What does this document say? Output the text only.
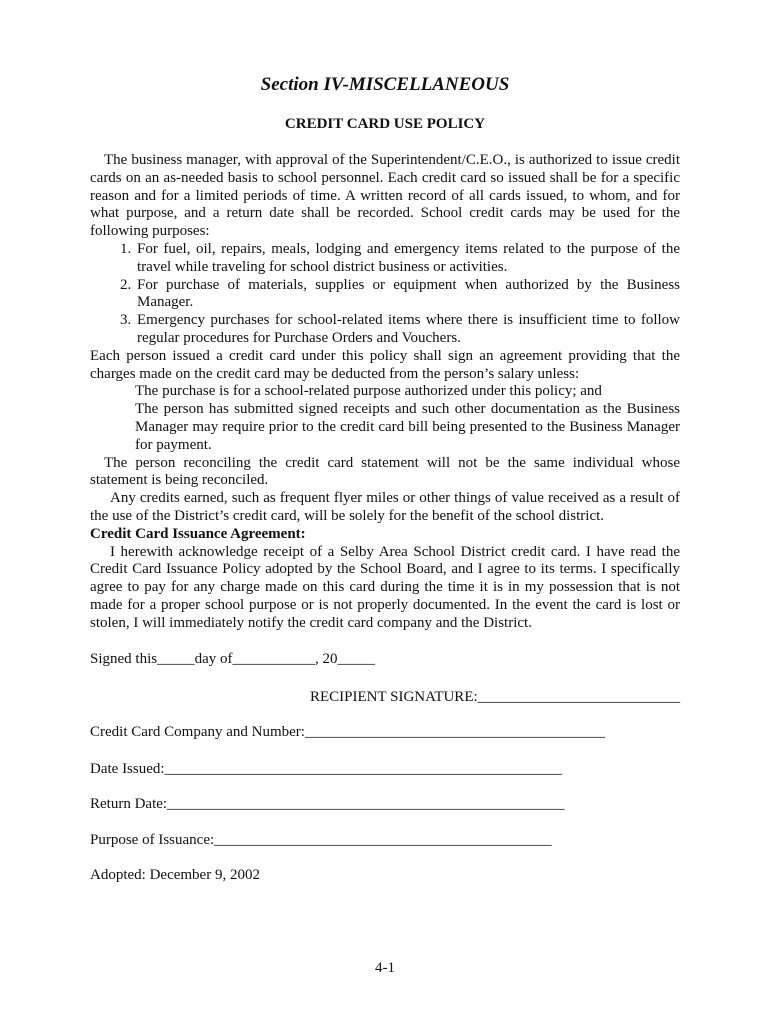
Section IV-MISCELLANEOUS
CREDIT CARD USE POLICY

The business manager, with approval of the Superintendent/C.E.O., is authorized to issue credit cards on an as-needed basis to school personnel. Each credit card so issued shall be for a specific reason and for a limited periods of time. A written record of all cards issued, to whom, and for what purpose, and a return date shall be recorded. School credit cards may be used for the following purposes:

1. For fuel, oil, repairs, meals, lodging and emergency items related to the purpose of the travel while traveling for school district business or activities.
2. For purchase of materials, supplies or equipment when authorized by the Business Manager.
3. Emergency purchases for school-related items where there is insufficient time to follow regular procedures for Purchase Orders and Vouchers.

Each person issued a credit card under this policy shall sign an agreement providing that the charges made on the credit card may be deducted from the person’s salary unless:

The purchase is for a school-related purpose authorized under this policy; and

The person has submitted signed receipts and such other documentation as the Business Manager may require prior to the credit card bill being presented to the Business Manager for payment.

The person reconciling the credit card statement will not be the same individual whose statement is being reconciled.

Any credits earned, such as frequent flyer miles or other things of value received as a result of the use of the District’s credit card, will be solely for the benefit of the school district.

Credit Card Issuance Agreement:

I herewith acknowledge receipt of a Selby Area School District credit card. I have read the Credit Card Issuance Policy adopted by the School Board, and I agree to its terms. I specifically agree to pay for any charge made on this card during the time it is in my possession that is not made for a proper school purpose or is not properly documented. In the event the card is lost or stolen, I will immediately notify the credit card company and the District.

Signed this_____day of___________, 20_____
RECIPIENT SIGNATURE:___________________________
Credit Card Company and Number:________________________________________
Date Issued:_____________________________________________________
Return Date:_____________________________________________________
Purpose of Issuance:_____________________________________________
Adopted: December 9, 2002
4-1
